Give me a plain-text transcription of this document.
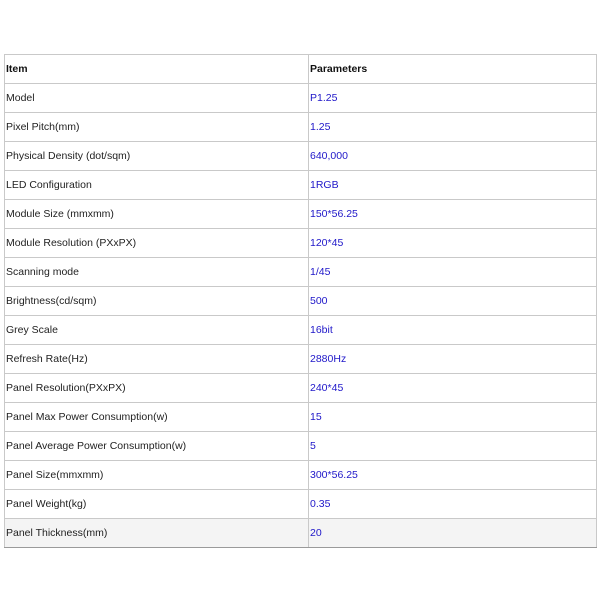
Item	Parameters
Model	P1.25
Pixel Pitch(mm)	1.25
Physical Density (dot/sqm)	640,000
LED Configuration	1RGB
Module Size (mmxmm)	150*56.25
Module Resolution (PXxPX)	120*45
Scanning mode	1/45
Brightness(cd/sqm)	500
Grey Scale	16bit
Refresh Rate(Hz)	2880Hz
Panel Resolution(PXxPX)	240*45
Panel Max Power Consumption(w)	15
Panel Average Power Consumption(w)	5
Panel Size(mmxmm)	300*56.25
Panel Weight(kg)	0.35
Panel Thickness(mm)	20
